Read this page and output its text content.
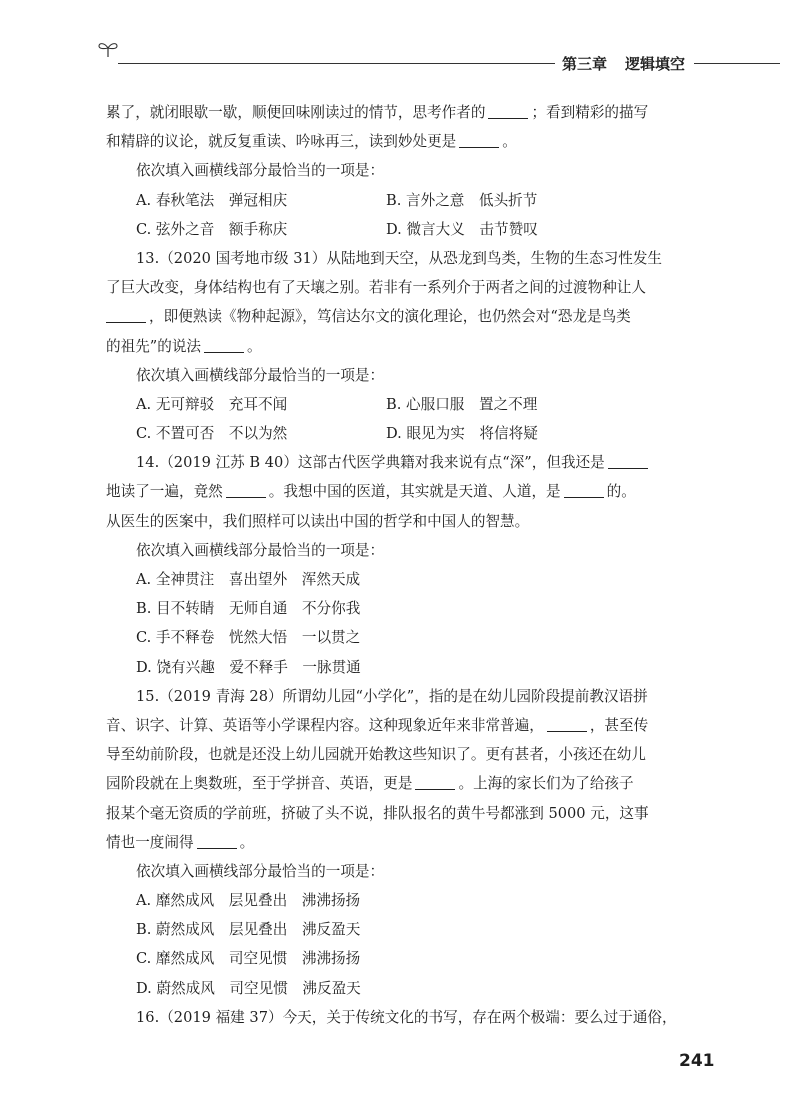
第三章 逻辑填空
累了，就闭眼歇一歇，顺便回味刚读过的情节，思考作者的	；看到精彩的描写
和精辟的议论，就反复重读、吟咏再三，读到妙处更是	。
依次填入画横线部分最恰当的一项是：
A. 春秋笔法　弹冠相庆	B. 言外之意　低头折节
C. 弦外之音　额手称庆	D. 微言大义　击节赞叹
13.（2020 国考地市级 31）从陆地到天空，从恐龙到鸟类，生物的生态习性发生
了巨大改变，身体结构也有了天壤之别。若非有一系列介于两者之间的过渡物种让人
，即便熟读《物种起源》，笃信达尔文的演化理论，也仍然会对“恐龙是鸟类
的祖先”的说法	。
依次填入画横线部分最恰当的一项是：
A. 无可辩驳　充耳不闻	B. 心服口服　置之不理
C. 不置可否　不以为然	D. 眼见为实　将信将疑
14.（2019 江苏 B 40）这部古代医学典籍对我来说有点“深”，但我还是
地读了一遍，竟然	。我想中国的医道，其实就是天道、人道，是	的。
从医生的医案中，我们照样可以读出中国的哲学和中国人的智慧。
依次填入画横线部分最恰当的一项是：
A. 全神贯注　喜出望外　浑然天成
B. 目不转睛　无师自通　不分你我
C. 手不释卷　恍然大悟　一以贯之
D. 饶有兴趣　爱不释手　一脉贯通
15.（2019 青海 28）所谓幼儿园“小学化”，指的是在幼儿园阶段提前教汉语拼
音、识字、计算、英语等小学课程内容。这种现象近年来非常普遍，	，甚至传
导至幼前阶段，也就是还没上幼儿园就开始教这些知识了。更有甚者，小孩还在幼儿
园阶段就在上奥数班，至于学拼音、英语，更是	。上海的家长们为了给孩子
报某个毫无资质的学前班，挤破了头不说，排队报名的黄牛号都涨到 5000 元，这事
情也一度闹得	。
依次填入画横线部分最恰当的一项是：
A. 靡然成风　层见叠出　沸沸扬扬
B. 蔚然成风　层见叠出　沸反盈天
C. 靡然成风　司空见惯　沸沸扬扬
D. 蔚然成风　司空见惯　沸反盈天
16.（2019 福建 37）今天，关于传统文化的书写，存在两个极端：要么过于通俗，
241
